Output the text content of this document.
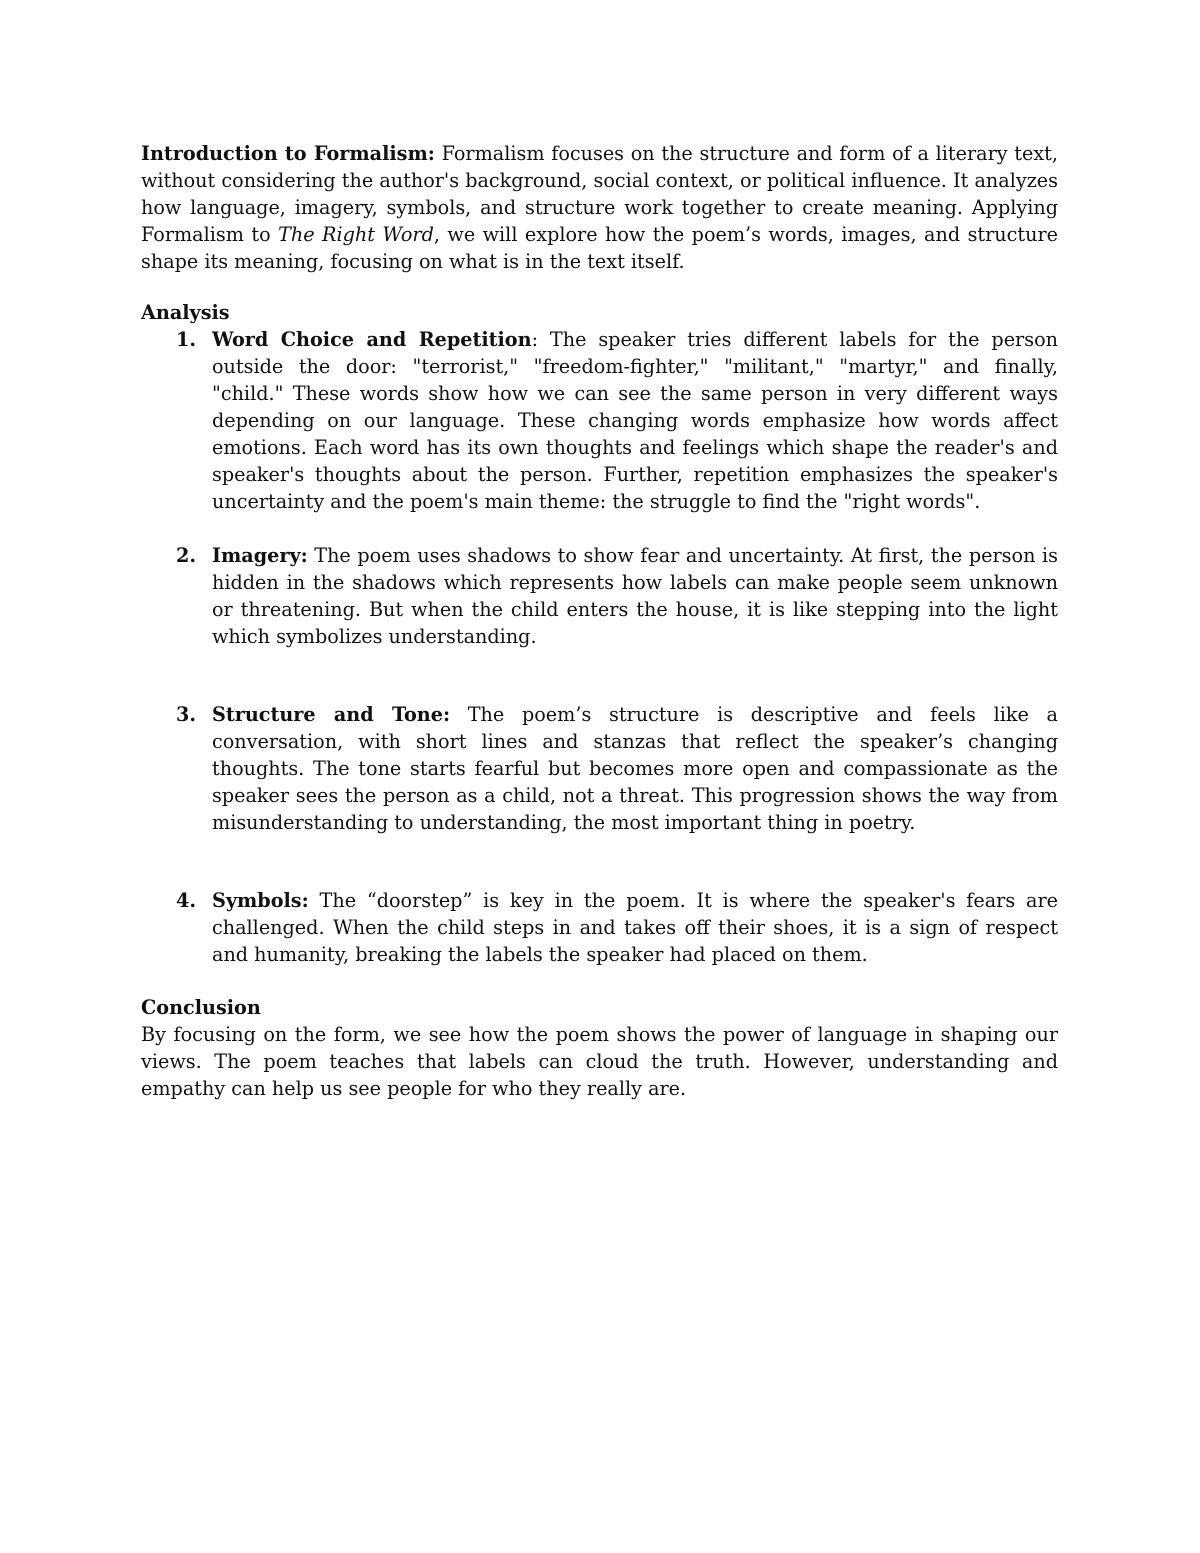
Introduction to Formalism: Formalism focuses on the structure and form of a literary text, without considering the author's background, social context, or political influence. It analyzes how language, imagery, symbols, and structure work together to create meaning. Applying Formalism to The Right Word, we will explore how the poem’s words, images, and structure shape its meaning, focusing on what is in the text itself.

Analysis

1. Word Choice and Repetition: The speaker tries different labels for the person outside the door: "terrorist," "freedom-fighter," "militant," "martyr," and finally, "child." These words show how we can see the same person in very different ways depending on our language. These changing words emphasize how words affect emotions. Each word has its own thoughts and feelings which shape the reader's and speaker's thoughts about the person. Further, repetition emphasizes the speaker's uncertainty and the poem's main theme: the struggle to find the "right words".
2. Imagery: The poem uses shadows to show fear and uncertainty. At first, the person is hidden in the shadows which represents how labels can make people seem unknown or threatening. But when the child enters the house, it is like stepping into the light which symbolizes understanding.
3. Structure and Tone: The poem’s structure is descriptive and feels like a conversation, with short lines and stanzas that reflect the speaker’s changing thoughts. The tone starts fearful but becomes more open and compassionate as the speaker sees the person as a child, not a threat. This progression shows the way from misunderstanding to understanding, the most important thing in poetry.
4. Symbols: The “doorstep” is key in the poem. It is where the speaker's fears are challenged. When the child steps in and takes off their shoes, it is a sign of respect and humanity, breaking the labels the speaker had placed on them.

Conclusion

By focusing on the form, we see how the poem shows the power of language in shaping our views. The poem teaches that labels can cloud the truth. However, understanding and empathy can help us see people for who they really are.
